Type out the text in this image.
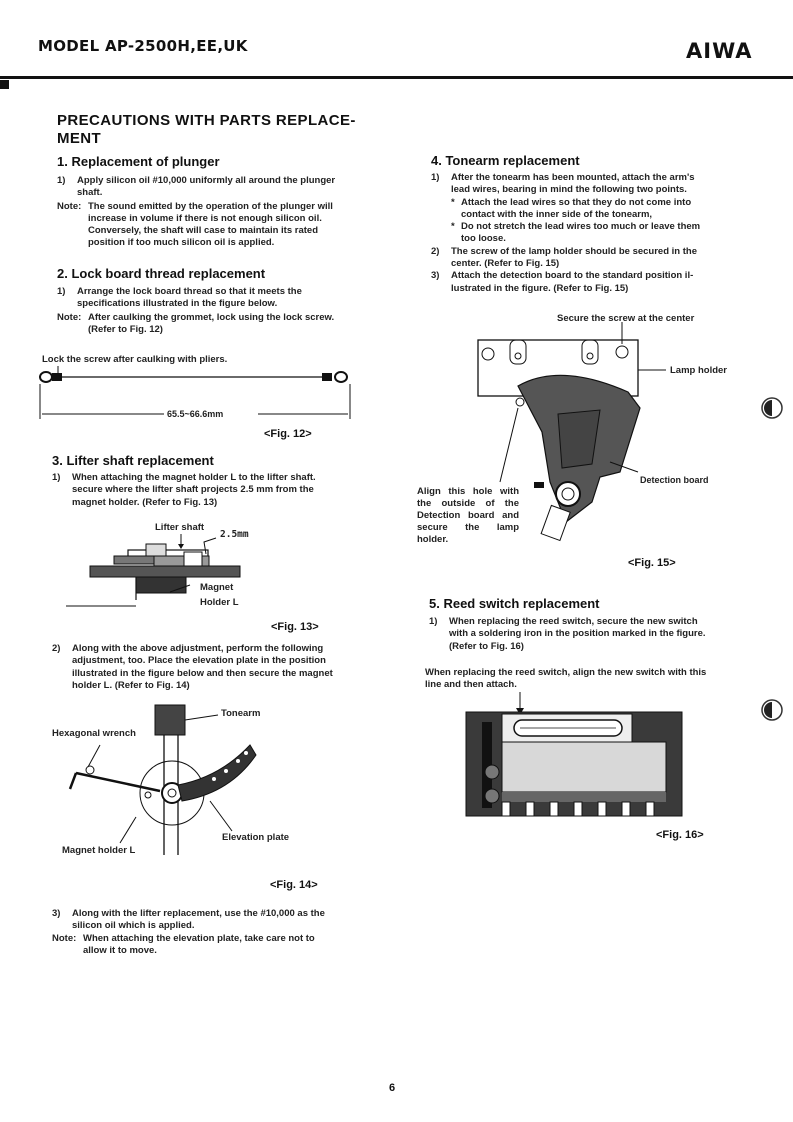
MODEL AP-2500H,EE,UK	AIWA
PRECAUTIONS WITH PARTS REPLACE-
MENT
1. Replacement of plunger
1) Apply silicon oil #10,000 uniformly all around the plunger shaft.
Note: The sound emitted by the operation of the plunger will increase in volume if there is not enough silicon oil. Conversely, the shaft will case to maintain its rated position if too much silicon oil is applied.
2. Lock board thread replacement
1) Arrange the lock board thread so that it meets the specifications illustrated in the figure below.
Note: After caulking the grommet, lock using the lock screw. (Refer to Fig. 12)
Lock the screw after caulking with pliers.
65.5~66.6mm
<Fig. 12>
3. Lifter shaft replacement
1) When attaching the magnet holder L to the lifter shaft. secure where the lifter shaft projects 2.5 mm from the magnet holder. (Refer to Fig. 13)
Lifter shaft
2.5mm
Magnet
Holder L
<Fig. 13>
2) Along with the above adjustment, perform the following adjustment, too. Place the elevation plate in the position illustrated in the figure below and then secure the magnet holder L. (Refer to Fig. 14)
Tonearm
Hexagonal wrench
Elevation plate
Magnet holder L
<Fig. 14>
3) Along with the lifter replacement, use the #10,000 as the silicon oil which is applied.
Note: When attaching the elevation plate, take care not to allow it to move.
4. Tonearm replacement
1) After the tonearm has been mounted, attach the arm's lead wires, bearing in mind the following two points.
* Attach the lead wires so that they do not come into contact with the inner side of the tonearm,
* Do not stretch the lead wires too much or leave them too loose.
2) The screw of the lamp holder should be secured in the center. (Refer to Fig. 15)
3) Attach the detection board to the standard position il-lustrated in the figure. (Refer to Fig. 15)
Secure the screw at the center
Lamp holder
Detection board
Align this hole with the outside of the Detection board and secure the lamp holder.
<Fig. 15>
5. Reed switch replacement
1) When replacing the reed switch, secure the new switch with a soldering iron in the position marked in the figure. (Refer to Fig. 16)
When replacing the reed switch, align the new switch with this line and then attach.
<Fig. 16>
6
